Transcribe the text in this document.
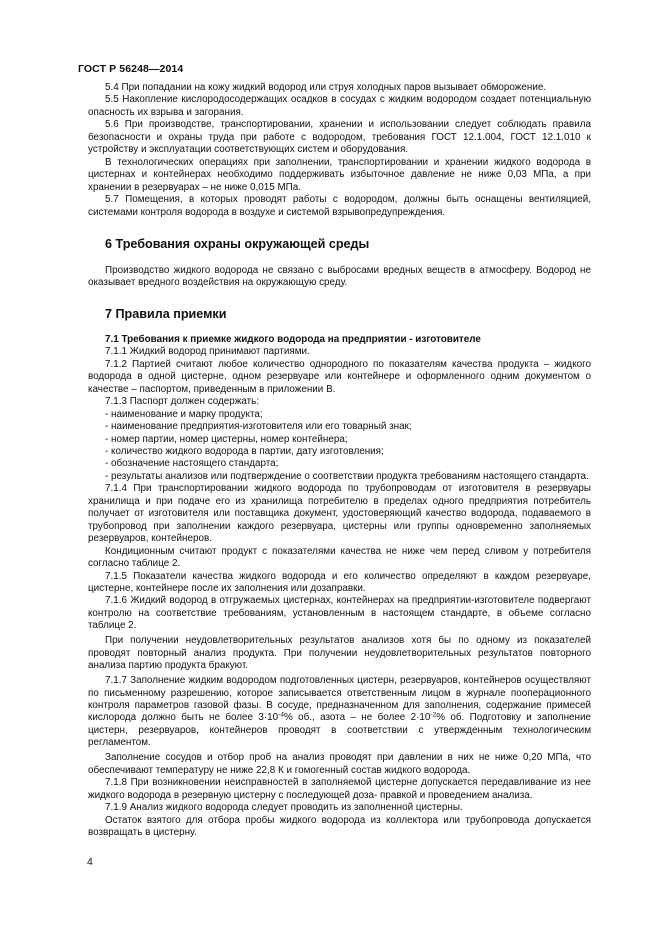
ГОСТ Р 56248—2014

5.4 При попадании на кожу жидкий водород или струя холодных паров вызывает обморожение.

5.5 Накопление кислородосодержащих осадков в сосудах с жидким водородом создает потенциальную опасность их взрыва и загорания.

5.6 При производстве, транспортировании, хранении и использовании следует соблюдать правила безопасности и охраны труда при работе с водородом, требования ГОСТ 12.1.004, ГОСТ 12.1.010 к устройству и эксплуатации соответствующих систем и оборудования.

В технологических операциях при заполнении, транспортировании и хранении жидкого водорода в цистернах и контейнерах необходимо поддерживать избыточное давление не ниже 0,03 МПа, а при хранении в резервуарах – не ниже 0,015 МПа.

5.7 Помещения, в которых проводят работы с водородом, должны быть оснащены вентиляцией, системами контроля водорода в воздухе и системой взрывопредупреждения.

6 Требования охраны окружающей среды

Производство жидкого водорода не связано с выбросами вредных веществ в атмосферу. Водород не оказывает вредного воздействия на окружающую среду.

7 Правила приемки

7.1 Требования к приемке жидкого водорода на предприятии - изготовителе

7.1.1 Жидкий водород принимают партиями.

7.1.2 Партией считают любое количество однородного по показателям качества продукта – жидкого водорода в одной цистерне, одном резервуаре или контейнере и оформленного одним документом о качестве – паспортом, приведенным в приложении В.

7.1.3 Паспорт должен содержать:

- наименование и марку продукта;

- наименование предприятия-изготовителя или его товарный знак;

- номер партии, номер цистерны, номер контейнера;

- количество жидкого водорода в партии, дату изготовления;

- обозначение настоящего стандарта;

- результаты анализов или подтверждение о соответствии продукта требованиям настоящего стандарта.

7.1.4 При транспортировании жидкого водорода по трубопроводам от изготовителя в резервуары хранилища и при подаче его из хранилища потребителю в пределах одного предприятия потребитель получает от изготовителя или поставщика документ, удостоверяющий качество водорода, подаваемого в трубопровод при заполнении каждого резервуара, цистерны или группы одновременно заполняемых резервуаров, контейнеров.

Кондиционным считают продукт с показателями качества не ниже чем перед сливом у потребителя согласно таблице 2.

7.1.5 Показатели качества жидкого водорода и его количество определяют в каждом резервуаре, цистерне, контейнере после их заполнения или дозаправки.

7.1.6 Жидкий водород в отгружаемых цистернах, контейнерах на предприятии-изготовителе подвергают контролю на соответствие требованиям, установленным в настоящем стандарте, в объеме согласно таблице 2.

При получении неудовлетворительных результатов анализов хотя бы по одному из показателей проводят повторный анализ продукта. При получении неудовлетворительных результатов повторного анализа партию продукта бракуют.

7.1.7 Заполнение жидким водородом подготовленных цистерн, резервуаров, контейнеров осуществляют по письменному разрешению, которое записывается ответственным лицом в журнале пооперационного контроля параметров газовой фазы. В сосуде, предназначенном для заполнения, содержание примесей кислорода должно быть не более $3\cdot 10^{-4}\%$ об., азота – не более $2\cdot 10^{-2}\%$ об. Подготовку и заполнение цистерн, резервуаров, контейнеров проводят в соответствии с утвержденным технологическим регламентом.

Заполнение сосудов и отбор проб на анализ проводят при давлении в них не ниже 0,20 МПа, что обеспечивают температуру не ниже 22,8 К и гомогенный состав жидкого водорода.

7.1.8 При возникновении неисправностей в заполняемой цистерне допускается передавливание из нее жидкого водорода в резервную цистерну с последующей доза- правкой и проведением анализа.

7.1.9 Анализ жидкого водорода следует проводить из заполненной цистерны.

Остаток взятого для отбора пробы жидкого водорода из коллектора или трубопровода допускается возвращать в цистерну.

4
